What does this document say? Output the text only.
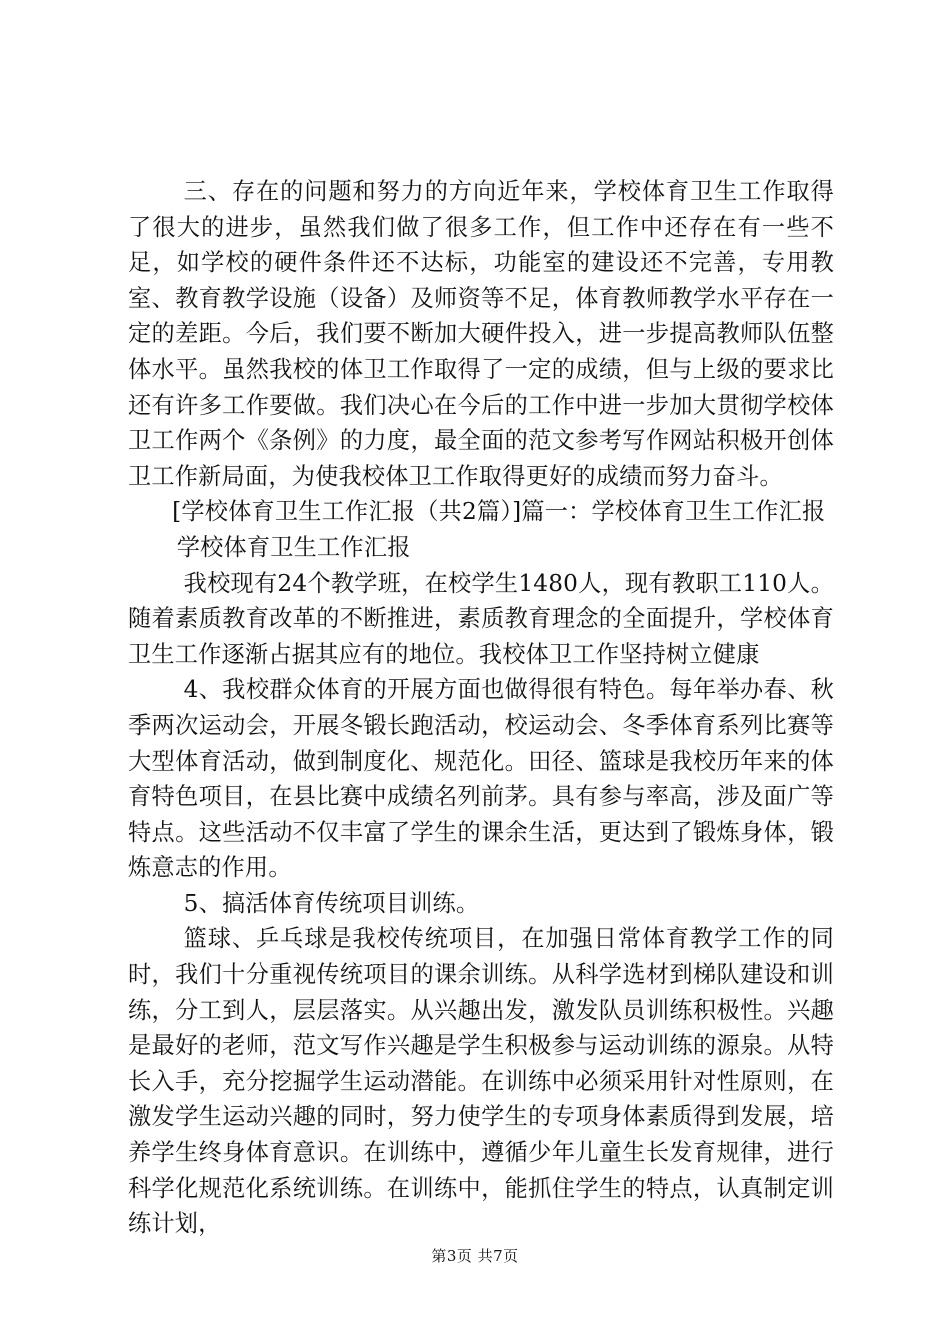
三、存在的问题和努力的方向近年来，学校体育卫生工作取得了很大的进步，虽然我们做了很多工作，但工作中还存在有一些不足，如学校的硬件条件还不达标，功能室的建设还不完善，专用教室、教育教学设施（设备）及师资等不足，体育教师教学水平存在一定的差距。今后，我们要不断加大硬件投入，进一步提高教师队伍整体水平。虽然我校的体卫工作取得了一定的成绩，但与上级的要求比还有许多工作要做。我们决心在今后的工作中进一步加大贯彻学校体卫工作两个《条例》的力度，最全面的范文参考写作网站积极开创体卫工作新局面，为使我校体卫工作取得更好的成绩而努力奋斗。

[学校体育卫生工作汇报（共2篇）]篇一：学校体育卫生工作汇报

学校体育卫生工作汇报

我校现有24个教学班，在校学生1480人，现有教职工110人。随着素质教育改革的不断推进，素质教育理念的全面提升，学校体育卫生工作逐渐占据其应有的地位。我校体卫工作坚持树立健康

4、我校群众体育的开展方面也做得很有特色。每年举办春、秋季两次运动会，开展冬锻长跑活动，校运动会、冬季体育系列比赛等大型体育活动，做到制度化、规范化。田径、篮球是我校历年来的体育特色项目，在县比赛中成绩名列前茅。具有参与率高，涉及面广等特点。这些活动不仅丰富了学生的课余生活，更达到了锻炼身体，锻炼意志的作用。

5、搞活体育传统项目训练。

篮球、乒乓球是我校传统项目，在加强日常体育教学工作的同时，我们十分重视传统项目的课余训练。从科学选材到梯队建设和训练，分工到人，层层落实。从兴趣出发，激发队员训练积极性。兴趣是最好的老师，范文写作兴趣是学生积极参与运动训练的源泉。从特长入手，充分挖掘学生运动潜能。在训练中必须采用针对性原则，在激发学生运动兴趣的同时，努力使学生的专项身体素质得到发展，培养学生终身体育意识。在训练中，遵循少年儿童生长发育规律，进行科学化规范化系统训练。在训练中，能抓住学生的特点，认真制定训练计划，

第3页 共7页
